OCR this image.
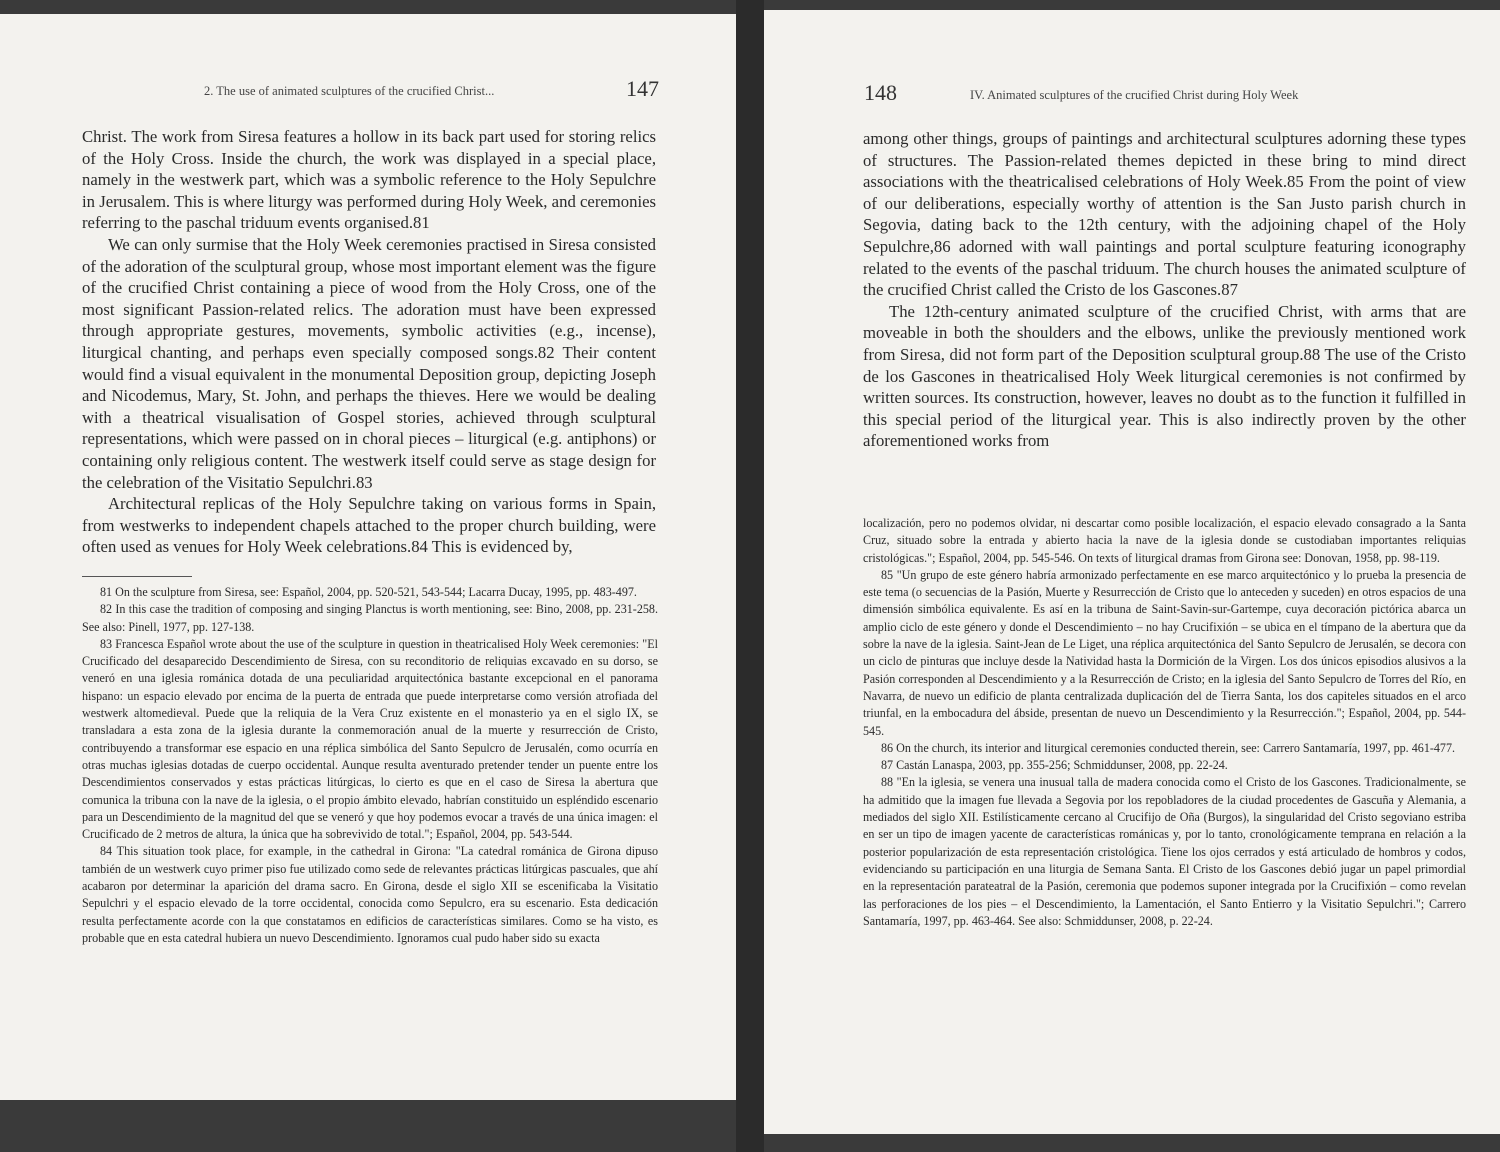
2. The use of animated sculptures of the crucified Christ...	147

Christ. The work from Siresa features a hollow in its back part used for storing relics of the Holy Cross. Inside the church, the work was displayed in a special place, namely in the westwerk part, which was a symbolic reference to the Holy Sepulchre in Jerusalem. This is where liturgy was performed during Holy Week, and ceremonies referring to the paschal triduum events organised.81

We can only surmise that the Holy Week ceremonies practised in Siresa consisted of the adoration of the sculptural group, whose most important element was the figure of the crucified Christ containing a piece of wood from the Holy Cross, one of the most significant Passion-related relics. The adoration must have been expressed through appropriate gestures, movements, symbolic activities (e.g., incense), liturgical chanting, and perhaps even specially composed songs.82 Their content would find a visual equivalent in the monumental Deposition group, depicting Joseph and Nicodemus, Mary, St. John, and perhaps the thieves. Here we would be dealing with a theatrical visualisation of Gospel stories, achieved through sculptural representations, which were passed on in choral pieces – liturgical (e.g. antiphons) or containing only religious content. The westwerk itself could serve as stage design for the celebration of the Visitatio Sepulchri.83

Architectural replicas of the Holy Sepulchre taking on various forms in Spain, from westwerks to independent chapels attached to the proper church building, were often used as venues for Holy Week celebrations.84 This is evidenced by,

81 On the sculpture from Siresa, see: Español, 2004, pp. 520-521, 543-544; Lacarra Ducay, 1995, pp. 483-497.

82 In this case the tradition of composing and singing Planctus is worth mentioning, see: Bino, 2008, pp. 231-258. See also: Pinell, 1977, pp. 127-138.

83 Francesca Español wrote about the use of the sculpture in question in theatricalised Holy Week ceremonies: "El Crucificado del desaparecido Descendimiento de Siresa, con su reconditorio de reliquias excavado en su dorso, se veneró en una iglesia románica dotada de una peculiaridad arquitectónica bastante excepcional en el panorama hispano: un espacio elevado por encima de la puerta de entrada que puede interpretarse como versión atrofiada del westwerk altomedieval. Puede que la reliquia de la Vera Cruz existente en el monasterio ya en el siglo IX, se transladara a esta zona de la iglesia durante la conmemoración anual de la muerte y resurrección de Cristo, contribuyendo a transformar ese espacio en una réplica simbólica del Santo Sepulcro de Jerusalén, como ocurría en otras muchas iglesias dotadas de cuerpo occidental. Aunque resulta aventurado pretender tender un puente entre los Descendimientos conservados y estas prácticas litúrgicas, lo cierto es que en el caso de Siresa la abertura que comunica la tribuna con la nave de la iglesia, o el propio ámbito elevado, habrían constituido un espléndido escenario para un Descendimiento de la magnitud del que se veneró y que hoy podemos evocar a través de una única imagen: el Crucificado de 2 metros de altura, la única que ha sobrevivido de total."; Español, 2004, pp. 543-544.

84 This situation took place, for example, in the cathedral in Girona: "La catedral románica de Girona dipuso también de un westwerk cuyo primer piso fue utilizado como sede de relevantes prácticas litúrgicas pascuales, que ahí acabaron por determinar la aparición del drama sacro. En Girona, desde el siglo XII se escenificaba la Visitatio Sepulchri y el espacio elevado de la torre occidental, conocida como Sepulcro, era su escenario. Esta dedicación resulta perfectamente acorde con la que constatamos en edificios de características similares. Como se ha visto, es probable que en esta catedral hubiera un nuevo Descendimiento. Ignoramos cual pudo haber sido su exacta

148	IV. Animated sculptures of the crucified Christ during Holy Week

among other things, groups of paintings and architectural sculptures adorning these types of structures. The Passion-related themes depicted in these bring to mind direct associations with the theatricalised celebrations of Holy Week.85 From the point of view of our deliberations, especially worthy of attention is the San Justo parish church in Segovia, dating back to the 12th century, with the adjoining chapel of the Holy Sepulchre,86 adorned with wall paintings and portal sculpture featuring iconography related to the events of the paschal triduum. The church houses the animated sculpture of the crucified Christ called the Cristo de los Gascones.87

The 12th-century animated sculpture of the crucified Christ, with arms that are moveable in both the shoulders and the elbows, unlike the previously mentioned work from Siresa, did not form part of the Deposition sculptural group.88 The use of the Cristo de los Gascones in theatricalised Holy Week liturgical ceremonies is not confirmed by written sources. Its construction, however, leaves no doubt as to the function it fulfilled in this special period of the liturgical year. This is also indirectly proven by the other aforementioned works from

localización, pero no podemos olvidar, ni descartar como posible localización, el espacio elevado consagrado a la Santa Cruz, situado sobre la entrada y abierto hacia la nave de la iglesia donde se custodiaban importantes reliquias cristológicas."; Español, 2004, pp. 545-546. On texts of liturgical dramas from Girona see: Donovan, 1958, pp. 98-119.

85 "Un grupo de este género habría armonizado perfectamente en ese marco arquitectónico y lo prueba la presencia de este tema (o secuencias de la Pasión, Muerte y Resurrección de Cristo que lo anteceden y suceden) en otros espacios de una dimensión simbólica equivalente. Es así en la tribuna de Saint-Savin-sur-Gartempe, cuya decoración pictórica abarca un amplio ciclo de este género y donde el Descendimiento – no hay Crucifixión – se ubica en el tímpano de la abertura que da sobre la nave de la iglesia. Saint-Jean de Le Liget, una réplica arquitectónica del Santo Sepulcro de Jerusalén, se decora con un ciclo de pinturas que incluye desde la Natividad hasta la Dormición de la Virgen. Los dos únicos episodios alusivos a la Pasión corresponden al Descendimiento y a la Resurrección de Cristo; en la iglesia del Santo Sepulcro de Torres del Río, en Navarra, de nuevo un edificio de planta centralizada duplicación del de Tierra Santa, los dos capiteles situados en el arco triunfal, en la embocadura del ábside, presentan de nuevo un Descendimiento y la Resurrección."; Español, 2004, pp. 544-545.

86 On the church, its interior and liturgical ceremonies conducted therein, see: Carrero Santamaría, 1997, pp. 461-477.

87 Castán Lanaspa, 2003, pp. 355-256; Schmiddunser, 2008, pp. 22-24.

88 "En la iglesia, se venera una inusual talla de madera conocida como el Cristo de los Gascones. Tradicionalmente, se ha admitido que la imagen fue llevada a Segovia por los repobladores de la ciudad procedentes de Gascuña y Alemania, a mediados del siglo XII. Estilísticamente cercano al Crucifijo de Oña (Burgos), la singularidad del Cristo segoviano estriba en ser un tipo de imagen yacente de características románicas y, por lo tanto, cronológicamente temprana en relación a la posterior popularización de esta representación cristológica. Tiene los ojos cerrados y está articulado de hombros y codos, evidenciando su participación en una liturgia de Semana Santa. El Cristo de los Gascones debió jugar un papel primordial en la representación parateatral de la Pasión, ceremonia que podemos suponer integrada por la Crucifixión – como revelan las perforaciones de los pies – el Descendimiento, la Lamentación, el Santo Entierro y la Visitatio Sepulchri."; Carrero Santamaría, 1997, pp. 463-464. See also: Schmiddunser, 2008, p. 22-24.
